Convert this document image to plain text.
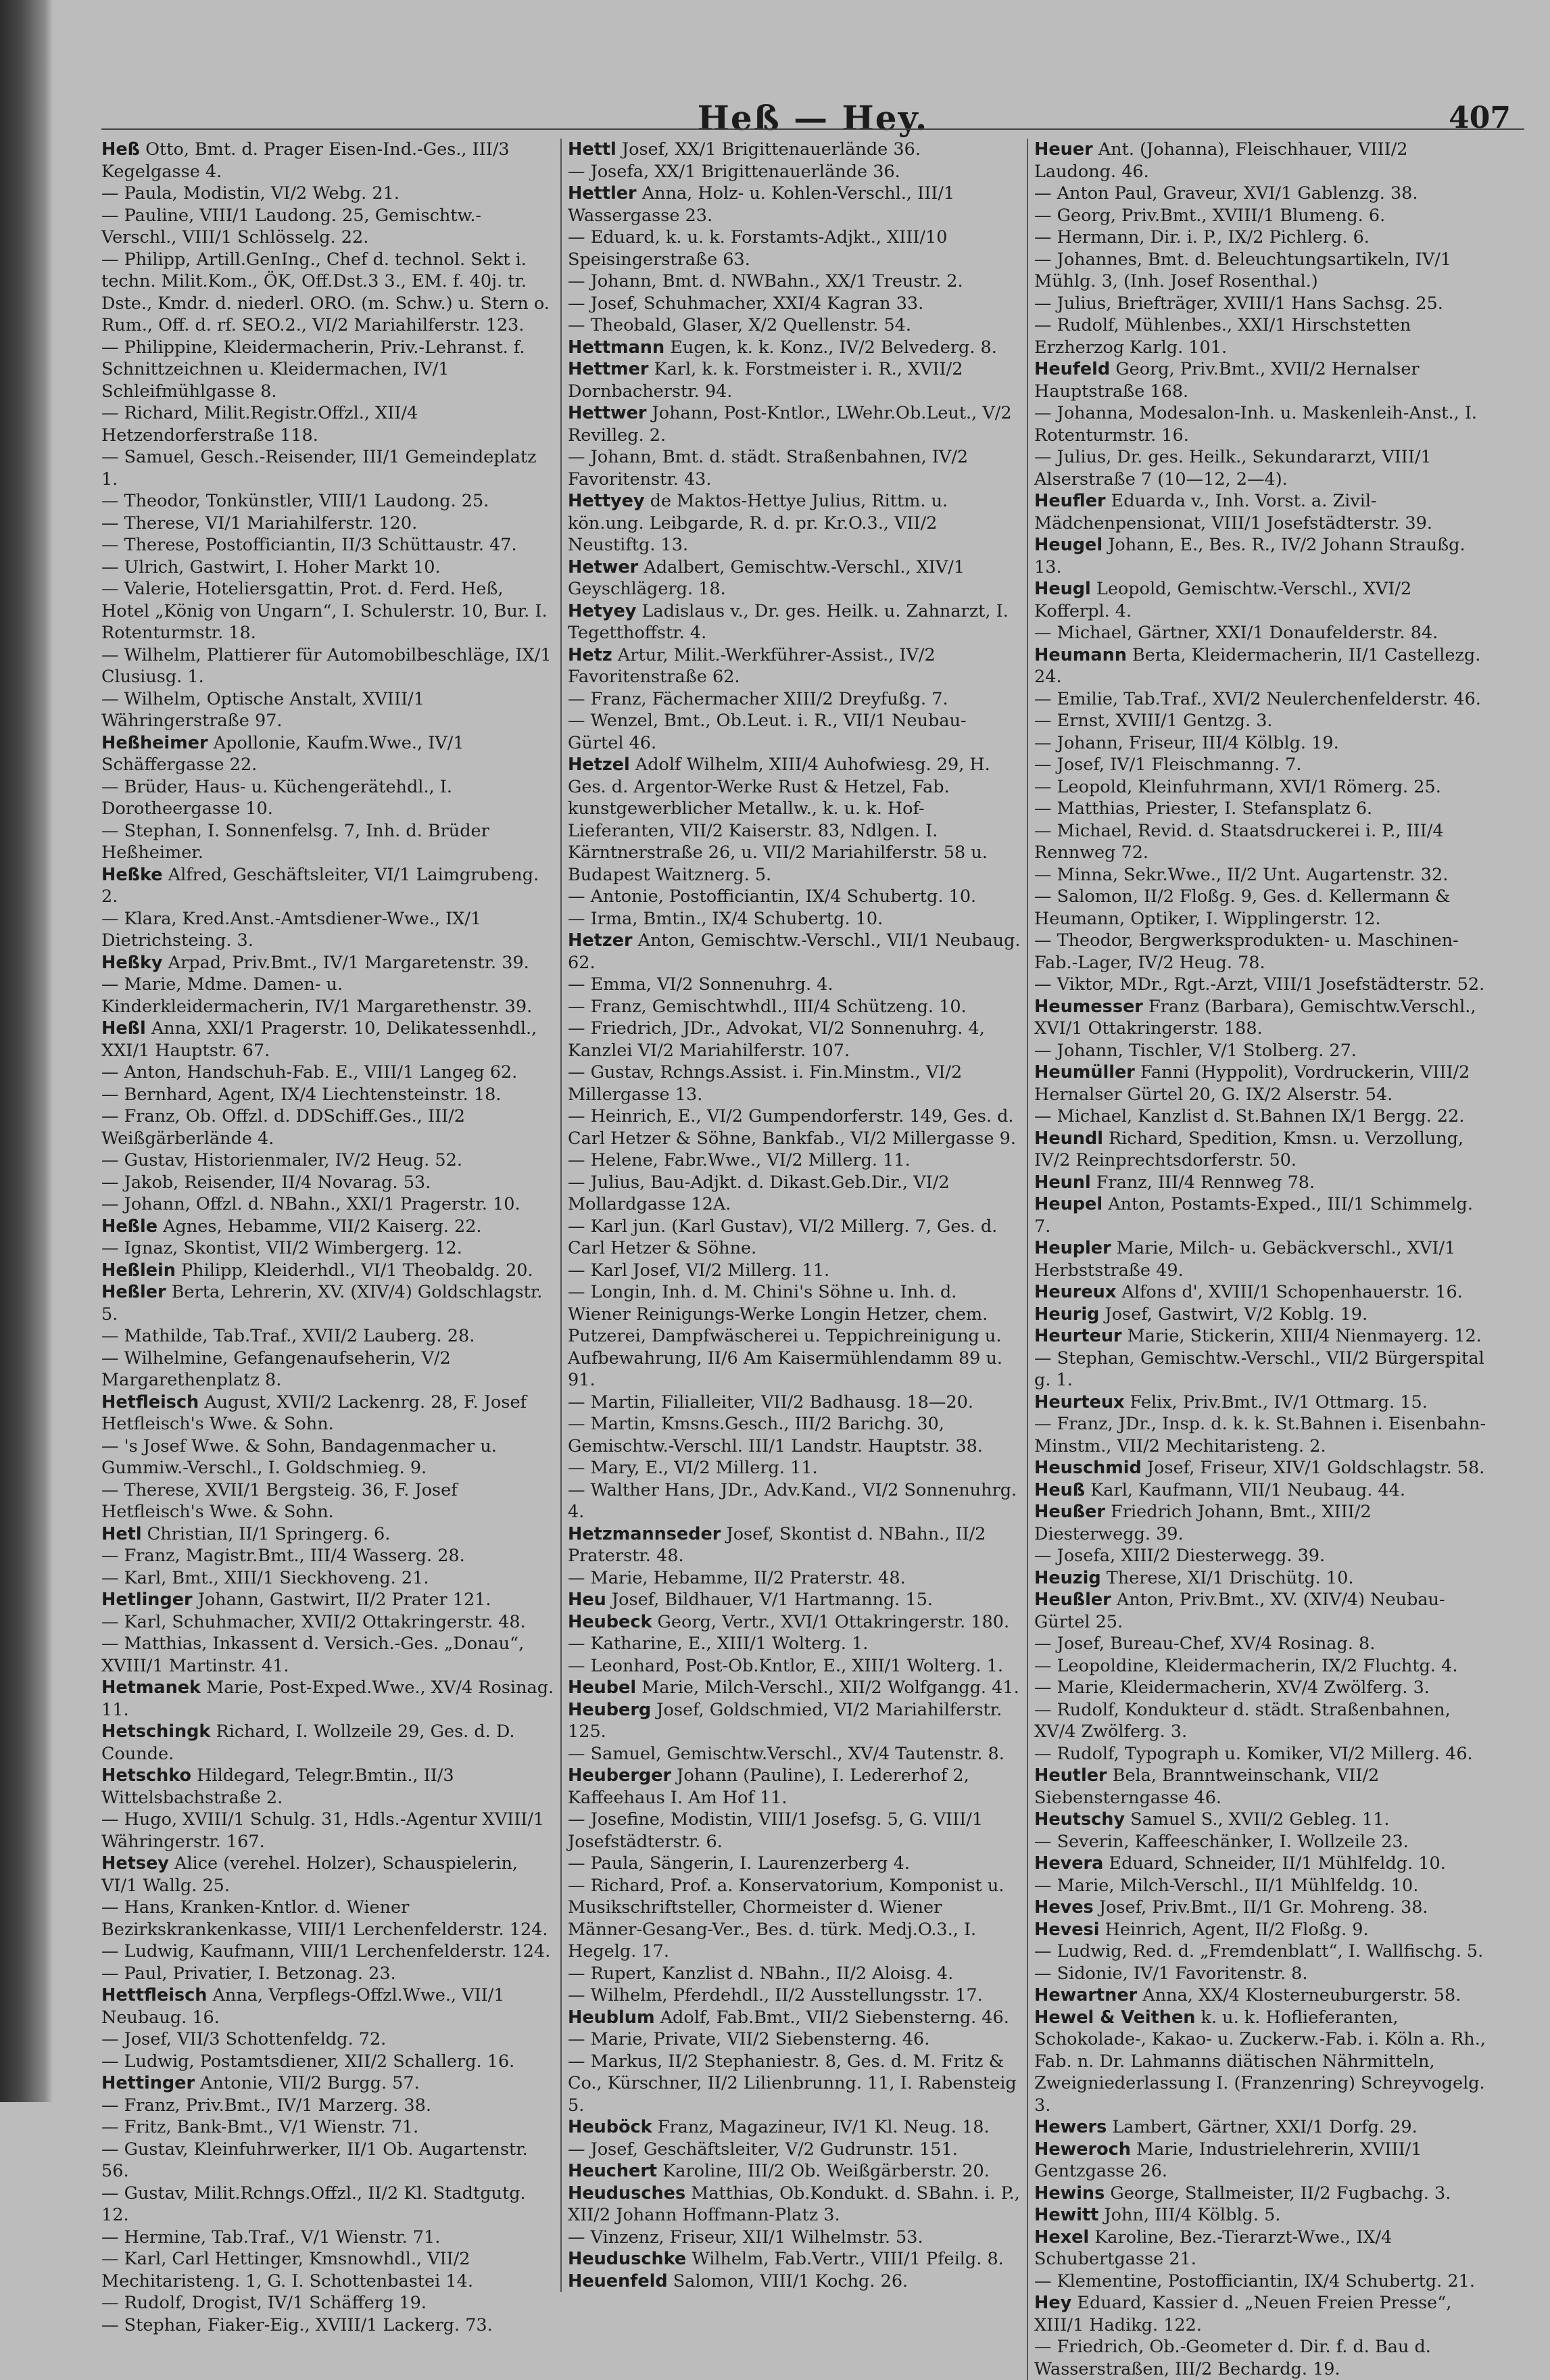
Heß — Hey.	407

Heß Otto, Bmt. d. Prager Eisen-Ind.-Ges., III/3 Kegelgasse 4.

— Paula, Modistin, VI/2 Webg. 21.

— Pauline, VIII/1 Laudong. 25, Gemischtw.-Verschl., VIII/1 Schlösselg. 22.

— Philipp, Artill.GenIng., Chef d. technol. Sekt i. techn. Milit.Kom., ÖK, Off.Dst.3 3., EM. f. 40j. tr. Dste., Kmdr. d. niederl. ORO. (m. Schw.) u. Stern o. Rum., Off. d. rf. SEO.2., VI/2 Mariahilferstr. 123.

— Philippine, Kleidermacherin, Priv.-Lehranst. f. Schnittzeichnen u. Kleidermachen, IV/1 Schleifmühlgasse 8.

— Richard, Milit.Registr.Offzl., XII/4 Hetzendorferstraße 118.

— Samuel, Gesch.-Reisender, III/1 Gemeindeplatz 1.

— Theodor, Tonkünstler, VIII/1 Laudong. 25.

— Therese, VI/1 Mariahilferstr. 120.

— Therese, Postofficiantin, II/3 Schüttaustr. 47.

— Ulrich, Gastwirt, I. Hoher Markt 10.

— Valerie, Hoteliersgattin, Prot. d. Ferd. Heß, Hotel „König von Ungarn“, I. Schulerstr. 10, Bur. I. Rotenturmstr. 18.

— Wilhelm, Plattierer für Automobilbeschläge, IX/1 Clusiusg. 1.

— Wilhelm, Optische Anstalt, XVIII/1 Währingerstraße 97.

Heßheimer Apollonie, Kaufm.Wwe., IV/1 Schäffergasse 22.

— Brüder, Haus- u. Küchengerätehdl., I. Dorotheergasse 10.

— Stephan, I. Sonnenfelsg. 7, Inh. d. Brüder Heßheimer.

Heßke Alfred, Geschäftsleiter, VI/1 Laimgrubeng. 2.

— Klara, Kred.Anst.-Amtsdiener-Wwe., IX/1 Dietrichsteing. 3.

Heßky Arpad, Priv.Bmt., IV/1 Margaretenstr. 39.

— Marie, Mdme. Damen- u. Kinderkleidermacherin, IV/1 Margarethenstr. 39.

Heßl Anna, XXI/1 Pragerstr. 10, Delikatessenhdl., XXI/1 Hauptstr. 67.

— Anton, Handschuh-Fab. E., VIII/1 Langeg 62.

— Bernhard, Agent, IX/4 Liechtensteinstr. 18.

— Franz, Ob. Offzl. d. DDSchiff.Ges., III/2 Weißgärberlände 4.

— Gustav, Historienmaler, IV/2 Heug. 52.

— Jakob, Reisender, II/4 Novarag. 53.

— Johann, Offzl. d. NBahn., XXI/1 Pragerstr. 10.

Heßle Agnes, Hebamme, VII/2 Kaiserg. 22.

— Ignaz, Skontist, VII/2 Wimbergerg. 12.

Heßlein Philipp, Kleiderhdl., VI/1 Theobaldg. 20.

Heßler Berta, Lehrerin, XV. (XIV/4) Goldschlagstr. 5.

— Mathilde, Tab.Traf., XVII/2 Lauberg. 28.

— Wilhelmine, Gefangenaufseherin, V/2 Margarethenplatz 8.

Hetfleisch August, XVII/2 Lackenrg. 28, F. Josef Hetfleisch's Wwe. & Sohn.

— 's Josef Wwe. & Sohn, Bandagenmacher u. Gummiw.-Verschl., I. Goldschmieg. 9.

— Therese, XVII/1 Bergsteig. 36, F. Josef Hetfleisch's Wwe. & Sohn.

Hetl Christian, II/1 Springerg. 6.

— Franz, Magistr.Bmt., III/4 Wasserg. 28.

— Karl, Bmt., XIII/1 Sieckhoveng. 21.

Hetlinger Johann, Gastwirt, II/2 Prater 121.

— Karl, Schuhmacher, XVII/2 Ottakringerstr. 48.

— Matthias, Inkassent d. Versich.-Ges. „Donau“, XVIII/1 Martinstr. 41.

Hetmanek Marie, Post-Exped.Wwe., XV/4 Rosinag. 11.

Hetschingk Richard, I. Wollzeile 29, Ges. d. D. Counde.

Hetschko Hildegard, Telegr.Bmtin., II/3 Wittelsbachstraße 2.

— Hugo, XVIII/1 Schulg. 31, Hdls.-Agentur XVIII/1 Währingerstr. 167.

Hetsey Alice (verehel. Holzer), Schauspielerin, VI/1 Wallg. 25.

— Hans, Kranken-Kntlor. d. Wiener Bezirkskrankenkasse, VIII/1 Lerchenfelderstr. 124.

— Ludwig, Kaufmann, VIII/1 Lerchenfelderstr. 124.

— Paul, Privatier, I. Betzonag. 23.

Hettfleisch Anna, Verpflegs-Offzl.Wwe., VII/1 Neubaug. 16.

— Josef, VII/3 Schottenfeldg. 72.

— Ludwig, Postamtsdiener, XII/2 Schallerg. 16.

Hettinger Antonie, VII/2 Burgg. 57.

— Franz, Priv.Bmt., IV/1 Marzerg. 38.

— Fritz, Bank-Bmt., V/1 Wienstr. 71.

— Gustav, Kleinfuhrwerker, II/1 Ob. Augartenstr. 56.

— Gustav, Milit.Rchngs.Offzl., II/2 Kl. Stadtgutg. 12.

— Hermine, Tab.Traf., V/1 Wienstr. 71.

— Karl, Carl Hettinger, Kmsnowhdl., VII/2 Mechitaristeng. 1, G. I. Schottenbastei 14.

— Rudolf, Drogist, IV/1 Schäfferg 19.

— Stephan, Fiaker-Eig., XVIII/1 Lackerg. 73.

Hettl Josef, XX/1 Brigittenauerlände 36.

— Josefa, XX/1 Brigittenauerlände 36.

Hettler Anna, Holz- u. Kohlen-Verschl., III/1 Wassergasse 23.

— Eduard, k. u. k. Forstamts-Adjkt., XIII/10 Speisingerstraße 63.

— Johann, Bmt. d. NWBahn., XX/1 Treustr. 2.

— Josef, Schuhmacher, XXI/4 Kagran 33.

— Theobald, Glaser, X/2 Quellenstr. 54.

Hettmann Eugen, k. k. Konz., IV/2 Belvederg. 8.

Hettmer Karl, k. k. Forstmeister i. R., XVII/2 Dornbacherstr. 94.

Hettwer Johann, Post-Kntlor., LWehr.Ob.Leut., V/2 Revilleg. 2.

— Johann, Bmt. d. städt. Straßenbahnen, IV/2 Favoritenstr. 43.

Hettyey de Maktos-Hettye Julius, Rittm. u. kön.ung. Leibgarde, R. d. pr. Kr.O.3., VII/2 Neustiftg. 13.

Hetwer Adalbert, Gemischtw.-Verschl., XIV/1 Geyschlägerg. 18.

Hetyey Ladislaus v., Dr. ges. Heilk. u. Zahnarzt, I. Tegetthoffstr. 4.

Hetz Artur, Milit.-Werkführer-Assist., IV/2 Favoritenstraße 62.

— Franz, Fächermacher XIII/2 Dreyfußg. 7.

— Wenzel, Bmt., Ob.Leut. i. R., VII/1 Neubau-Gürtel 46.

Hetzel Adolf Wilhelm, XIII/4 Auhofwiesg. 29, H. Ges. d. Argentor-Werke Rust & Hetzel, Fab. kunstgewerblicher Metallw., k. u. k. Hof-Lieferanten, VII/2 Kaiserstr. 83, Ndlgen. I. Kärntnerstraße 26, u. VII/2 Mariahilferstr. 58 u. Budapest Waitznerg. 5.

— Antonie, Postofficiantin, IX/4 Schubertg. 10.

— Irma, Bmtin., IX/4 Schubertg. 10.

Hetzer Anton, Gemischtw.-Verschl., VII/1 Neubaug. 62.

— Emma, VI/2 Sonnenuhrg. 4.

— Franz, Gemischtwhdl., III/4 Schützeng. 10.

— Friedrich, JDr., Advokat, VI/2 Sonnenuhrg. 4, Kanzlei VI/2 Mariahilferstr. 107.

— Gustav, Rchngs.Assist. i. Fin.Minstm., VI/2 Millergasse 13.

— Heinrich, E., VI/2 Gumpendorferstr. 149, Ges. d. Carl Hetzer & Söhne, Bankfab., VI/2 Millergasse 9.

— Helene, Fabr.Wwe., VI/2 Millerg. 11.

— Julius, Bau-Adjkt. d. Dikast.Geb.Dir., VI/2 Mollardgasse 12A.

— Karl jun. (Karl Gustav), VI/2 Millerg. 7, Ges. d. Carl Hetzer & Söhne.

— Karl Josef, VI/2 Millerg. 11.

— Longin, Inh. d. M. Chini's Söhne u. Inh. d. Wiener Reinigungs-Werke Longin Hetzer, chem. Putzerei, Dampfwäscherei u. Teppichreinigung u. Aufbewahrung, II/6 Am Kaisermühlendamm 89 u. 91.

— Martin, Filialleiter, VII/2 Badhausg. 18—20.

— Martin, Kmsns.Gesch., III/2 Barichg. 30, Gemischtw.-Verschl. III/1 Landstr. Hauptstr. 38.

— Mary, E., VI/2 Millerg. 11.

— Walther Hans, JDr., Adv.Kand., VI/2 Sonnenuhrg. 4.

Hetzmannseder Josef, Skontist d. NBahn., II/2 Praterstr. 48.

— Marie, Hebamme, II/2 Praterstr. 48.

Heu Josef, Bildhauer, V/1 Hartmanng. 15.

Heubeck Georg, Vertr., XVI/1 Ottakringerstr. 180.

— Katharine, E., XIII/1 Wolterg. 1.

— Leonhard, Post-Ob.Kntlor, E., XIII/1 Wolterg. 1.

Heubel Marie, Milch-Verschl., XII/2 Wolfgangg. 41.

Heuberg Josef, Goldschmied, VI/2 Mariahilferstr. 125.

— Samuel, Gemischtw.Verschl., XV/4 Tautenstr. 8.

Heuberger Johann (Pauline), I. Ledererhof 2, Kaffeehaus I. Am Hof 11.

— Josefine, Modistin, VIII/1 Josefsg. 5, G. VIII/1 Josefstädterstr. 6.

— Paula, Sängerin, I. Laurenzerberg 4.

— Richard, Prof. a. Konservatorium, Komponist u. Musikschriftsteller, Chormeister d. Wiener Männer-Gesang-Ver., Bes. d. türk. Medj.O.3., I. Hegelg. 17.

— Rupert, Kanzlist d. NBahn., II/2 Aloisg. 4.

— Wilhelm, Pferdehdl., II/2 Ausstellungsstr. 17.

Heublum Adolf, Fab.Bmt., VII/2 Siebensterng. 46.

— Marie, Private, VII/2 Siebensterng. 46.

— Markus, II/2 Stephaniestr. 8, Ges. d. M. Fritz & Co., Kürschner, II/2 Lilienbrunng. 11, I. Rabensteig 5.

Heuböck Franz, Magazineur, IV/1 Kl. Neug. 18.

— Josef, Geschäftsleiter, V/2 Gudrunstr. 151.

Heuchert Karoline, III/2 Ob. Weißgärberstr. 20.

Heudusches Matthias, Ob.Kondukt. d. SBahn. i. P., XII/2 Johann Hoffmann-Platz 3.

— Vinzenz, Friseur, XII/1 Wilhelmstr. 53.

Heuduschke Wilhelm, Fab.Vertr., VIII/1 Pfeilg. 8.

Heuenfeld Salomon, VIII/1 Kochg. 26.

Heuer Ant. (Johanna), Fleischhauer, VIII/2 Laudong. 46.

— Anton Paul, Graveur, XVI/1 Gablenzg. 38.

— Georg, Priv.Bmt., XVIII/1 Blumeng. 6.

— Hermann, Dir. i. P., IX/2 Pichlerg. 6.

— Johannes, Bmt. d. Beleuchtungsartikeln, IV/1 Mühlg. 3, (Inh. Josef Rosenthal.)

— Julius, Briefträger, XVIII/1 Hans Sachsg. 25.

— Rudolf, Mühlenbes., XXI/1 Hirschstetten Erzherzog Karlg. 101.

Heufeld Georg, Priv.Bmt., XVII/2 Hernalser Hauptstraße 168.

— Johanna, Modesalon-Inh. u. Maskenleih-Anst., I. Rotenturmstr. 16.

— Julius, Dr. ges. Heilk., Sekundararzt, VIII/1 Alserstraße 7 (10—12, 2—4).

Heufler Eduarda v., Inh. Vorst. a. Zivil-Mädchenpensionat, VIII/1 Josefstädterstr. 39.

Heugel Johann, E., Bes. R., IV/2 Johann Straußg. 13.

Heugl Leopold, Gemischtw.-Verschl., XVI/2 Kofferpl. 4.

— Michael, Gärtner, XXI/1 Donaufelderstr. 84.

Heumann Berta, Kleidermacherin, II/1 Castellezg. 24.

— Emilie, Tab.Traf., XVI/2 Neulerchenfelderstr. 46.

— Ernst, XVIII/1 Gentzg. 3.

— Johann, Friseur, III/4 Kölblg. 19.

— Josef, IV/1 Fleischmanng. 7.

— Leopold, Kleinfuhrmann, XVI/1 Römerg. 25.

— Matthias, Priester, I. Stefansplatz 6.

— Michael, Revid. d. Staatsdruckerei i. P., III/4 Rennweg 72.

— Minna, Sekr.Wwe., II/2 Unt. Augartenstr. 32.

— Salomon, II/2 Floßg. 9, Ges. d. Kellermann & Heumann, Optiker, I. Wipplingerstr. 12.

— Theodor, Bergwerksprodukten- u. Maschinen-Fab.-Lager, IV/2 Heug. 78.

— Viktor, MDr., Rgt.-Arzt, VIII/1 Josefstädterstr. 52.

Heumesser Franz (Barbara), Gemischtw.Verschl., XVI/1 Ottakringerstr. 188.

— Johann, Tischler, V/1 Stolberg. 27.

Heumüller Fanni (Hyppolit), Vordruckerin, VIII/2 Hernalser Gürtel 20, G. IX/2 Alserstr. 54.

— Michael, Kanzlist d. St.Bahnen IX/1 Bergg. 22.

Heundl Richard, Spedition, Kmsn. u. Verzollung, IV/2 Reinprechtsdorferstr. 50.

Heunl Franz, III/4 Rennweg 78.

Heupel Anton, Postamts-Exped., III/1 Schimmelg. 7.

Heupler Marie, Milch- u. Gebäckverschl., XVI/1 Herbststraße 49.

Heureux Alfons d', XVIII/1 Schopenhauerstr. 16.

Heurig Josef, Gastwirt, V/2 Koblg. 19.

Heurteur Marie, Stickerin, XIII/4 Nienmayerg. 12.

— Stephan, Gemischtw.-Verschl., VII/2 Bürgerspital g. 1.

Heurteux Felix, Priv.Bmt., IV/1 Ottmarg. 15.

— Franz, JDr., Insp. d. k. k. St.Bahnen i. Eisenbahn-Minstm., VII/2 Mechitaristeng. 2.

Heuschmid Josef, Friseur, XIV/1 Goldschlagstr. 58.

Heuß Karl, Kaufmann, VII/1 Neubaug. 44.

Heußer Friedrich Johann, Bmt., XIII/2 Diesterwegg. 39.

— Josefa, XIII/2 Diesterwegg. 39.

Heuzig Therese, XI/1 Drischütg. 10.

Heußler Anton, Priv.Bmt., XV. (XIV/4) Neubau-Gürtel 25.

— Josef, Bureau-Chef, XV/4 Rosinag. 8.

— Leopoldine, Kleidermacherin, IX/2 Fluchtg. 4.

— Marie, Kleidermacherin, XV/4 Zwölferg. 3.

— Rudolf, Kondukteur d. städt. Straßenbahnen, XV/4 Zwölferg. 3.

— Rudolf, Typograph u. Komiker, VI/2 Millerg. 46.

Heutler Bela, Branntweinschank, VII/2 Siebensterngasse 46.

Heutschy Samuel S., XVII/2 Gebleg. 11.

— Severin, Kaffeeschänker, I. Wollzeile 23.

Hevera Eduard, Schneider, II/1 Mühlfeldg. 10.

— Marie, Milch-Verschl., II/1 Mühlfeldg. 10.

Heves Josef, Priv.Bmt., II/1 Gr. Mohreng. 38.

Hevesi Heinrich, Agent, II/2 Floßg. 9.

— Ludwig, Red. d. „Fremdenblatt“, I. Wallfischg. 5.

— Sidonie, IV/1 Favoritenstr. 8.

Hewartner Anna, XX/4 Klosterneuburgerstr. 58.

Hewel & Veithen k. u. k. Hoflieferanten, Schokolade-, Kakao- u. Zuckerw.-Fab. i. Köln a. Rh., Fab. n. Dr. Lahmanns diätischen Nährmitteln, Zweigniederlassung I. (Franzenring) Schreyvogelg. 3.

Hewers Lambert, Gärtner, XXI/1 Dorfg. 29.

Heweroch Marie, Industrielehrerin, XVIII/1 Gentzgasse 26.

Hewins George, Stallmeister, II/2 Fugbachg. 3.

Hewitt John, III/4 Kölblg. 5.

Hexel Karoline, Bez.-Tierarzt-Wwe., IX/4 Schubertgasse 21.

— Klementine, Postofficiantin, IX/4 Schubertg. 21.

Hey Eduard, Kassier d. „Neuen Freien Presse“, XIII/1 Hadikg. 122.

— Friedrich, Ob.-Geometer d. Dir. f. d. Bau d. Wasserstraßen, III/2 Bechardg. 19.
